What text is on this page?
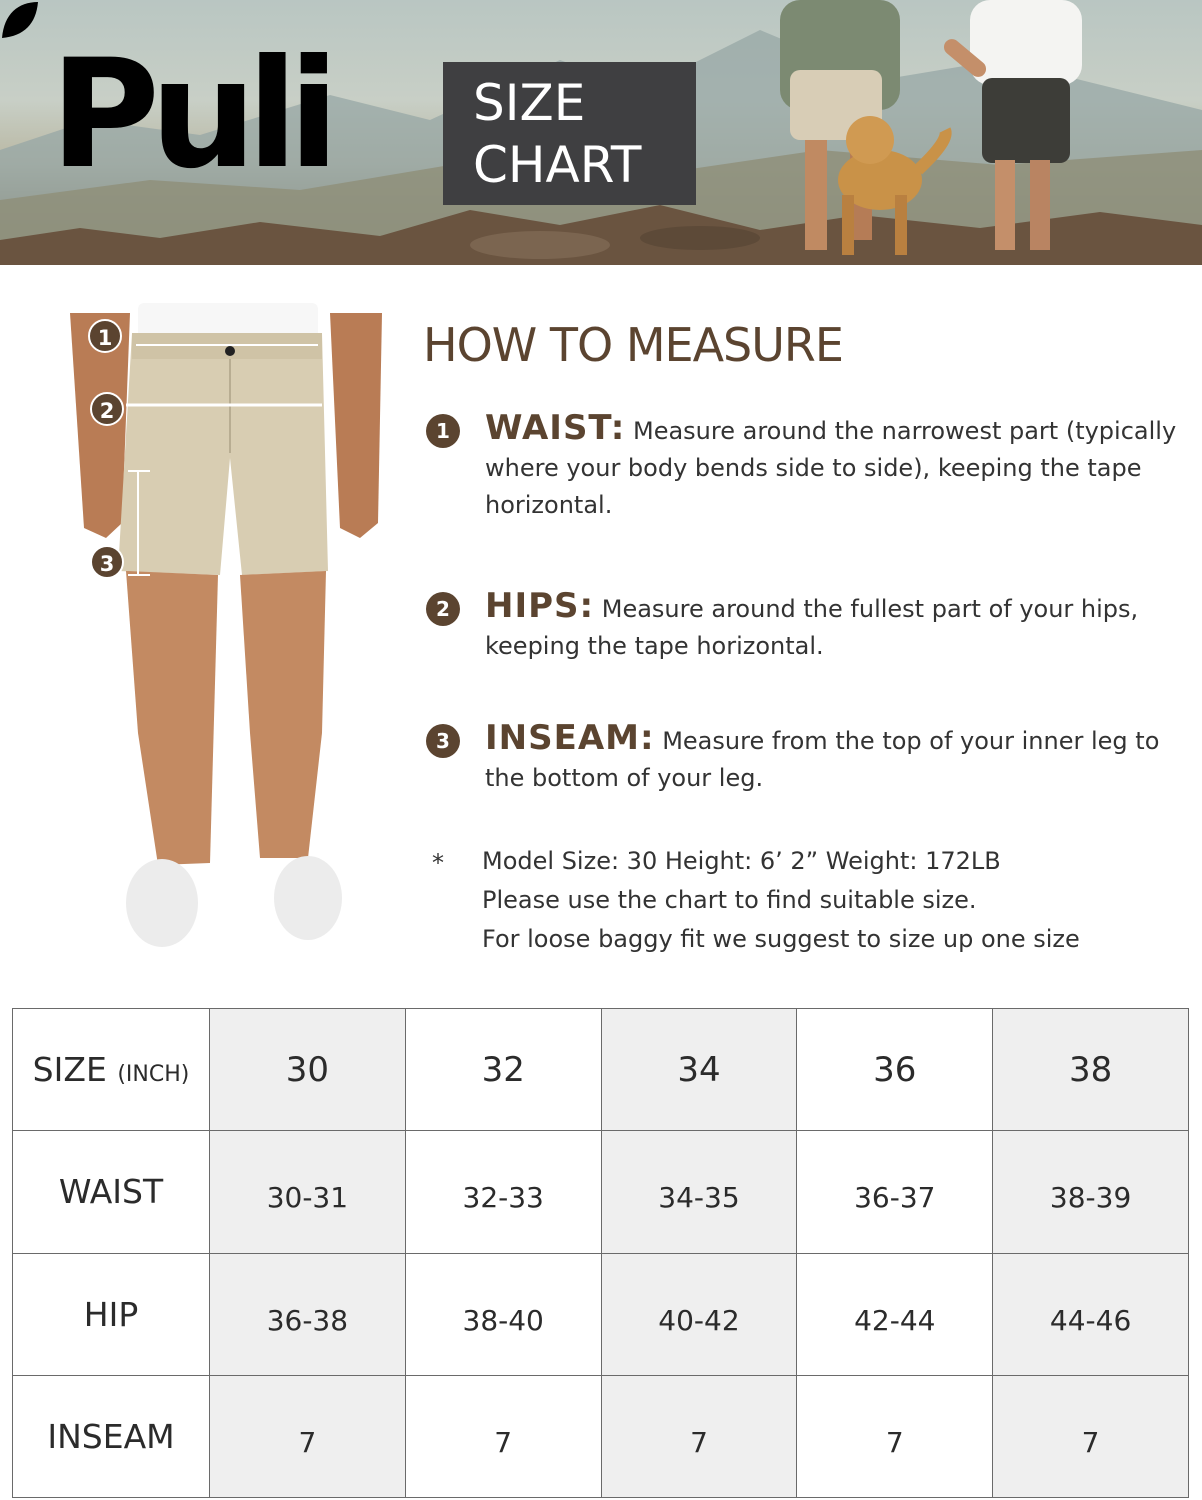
Puli	SIZE
CHART
1
2
3
HOW TO MEASURE
1 WAIST: Measure around the narrowest part (typically where your body bends side to side), keeping the tape horizontal.
2 HIPS: Measure around the fullest part of your hips, keeping the tape horizontal.
3 INSEAM: Measure from the top of your inner leg to the bottom of your leg.
* Model Size: 30 Height: 6’ 2” Weight: 172LB
Please use the chart to find suitable size.
For loose baggy fit we suggest to size up one size
SIZE (INCH)	30	32	34	36	38
WAIST	30-31	32-33	34-35	36-37	38-39
HIP	36-38	38-40	40-42	42-44	44-46
INSEAM	7	7	7	7	7
